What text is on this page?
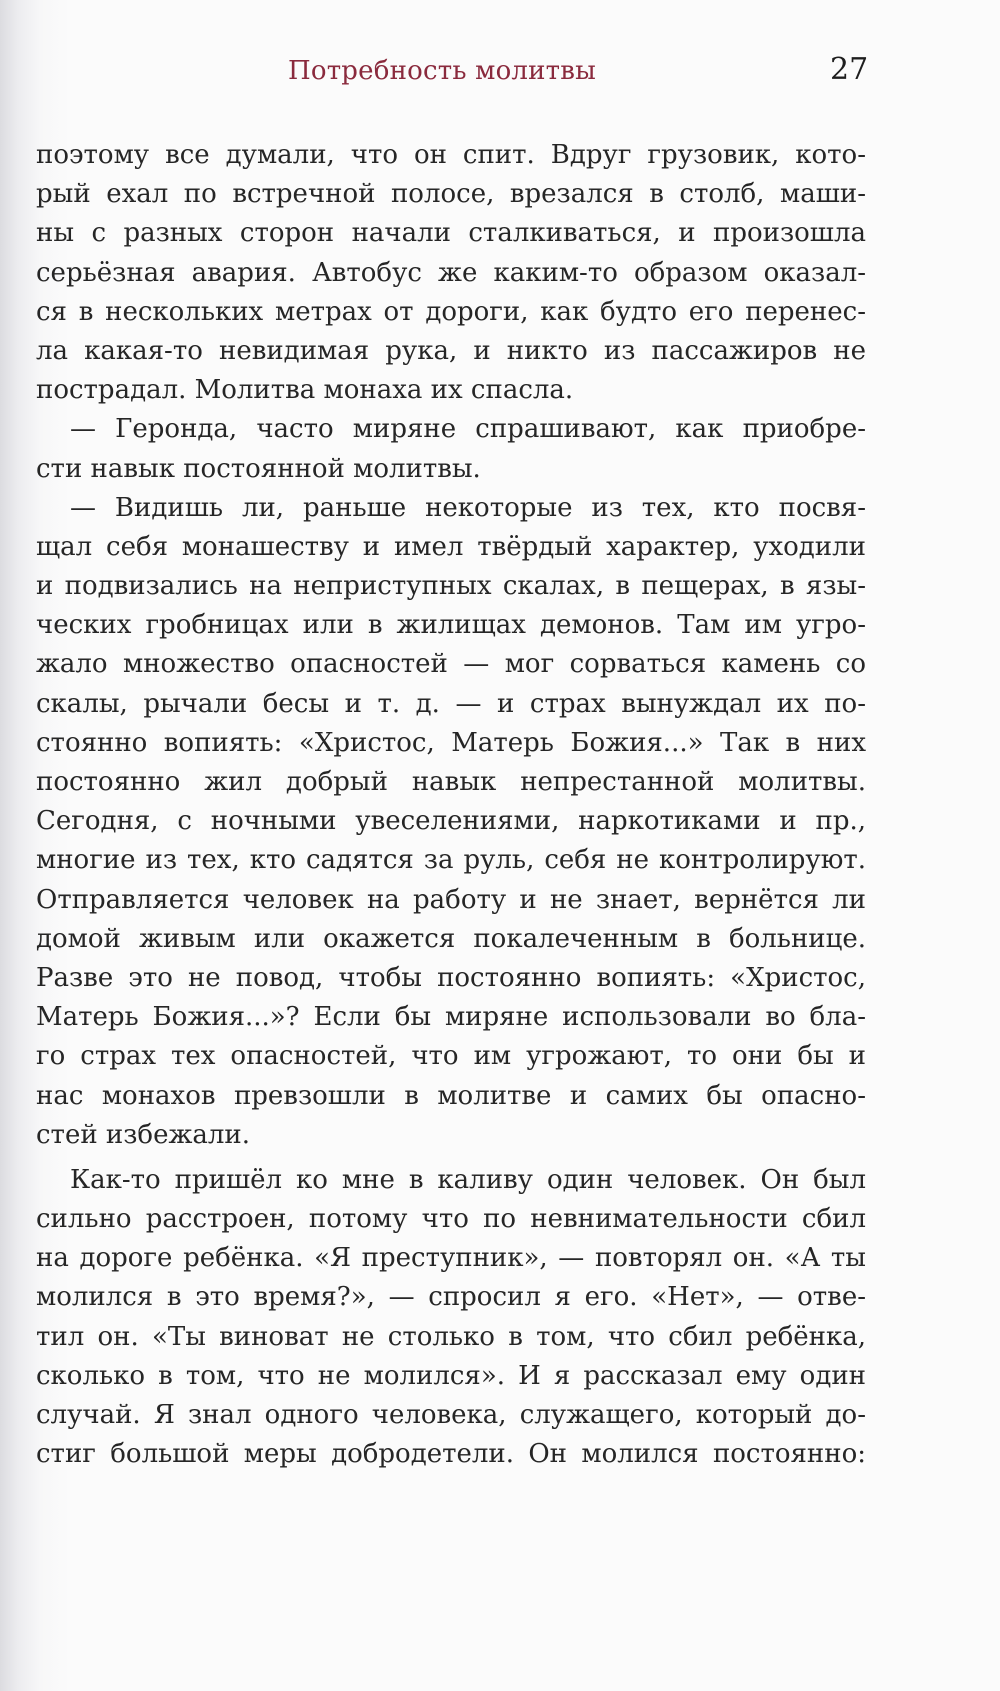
Потребность молитвы	27
поэтому все думали, что он спит. Вдруг грузовик, кото-
рый ехал по встречной полосе, врезался в столб, маши-
ны с разных сторон начали сталкиваться, и произошла
серьёзная авария. Автобус же каким-то образом оказал-
ся в нескольких метрах от дороги, как будто его перенес-
ла какая-то невидимая рука, и никто из пассажиров не
пострадал. Молитва монаха их спасла.
— Геронда, часто миряне спрашивают, как приобре-
сти навык постоянной молитвы.
— Видишь ли, раньше некоторые из тех, кто посвя-
щал себя монашеству и имел твёрдый характер, уходили
и подвизались на неприступных скалах, в пещерах, в язы-
ческих гробницах или в жилищах демонов. Там им угро-
жало множество опасностей — мог сорваться камень со
скалы, рычали бесы и т. д. — и страх вынуждал их по-
стоянно вопиять: «Христос, Матерь Божия...» Так в них
постоянно жил добрый навык непрестанной молитвы.
Сегодня, с ночными увеселениями, наркотиками и пр.,
многие из тех, кто садятся за руль, себя не контролируют.
Отправляется человек на работу и не знает, вернётся ли
домой живым или окажется покалеченным в больнице.
Разве это не повод, чтобы постоянно вопиять: «Христос,
Матерь Божия...»? Если бы миряне использовали во бла-
го страх тех опасностей, что им угрожают, то они бы и
нас монахов превзошли в молитве и самих бы опасно-
стей избежали.
Как-то пришёл ко мне в каливу один человек. Он был
сильно расстроен, потому что по невнимательности сбил
на дороге ребёнка. «Я преступник», — повторял он. «А ты
молился в это время?», — спросил я его. «Нет», — отве-
тил он. «Ты виноват не столько в том, что сбил ребёнка,
сколько в том, что не молился». И я рассказал ему один
случай. Я знал одного человека, служащего, который до-
стиг большой меры добродетели. Он молился постоянно:
